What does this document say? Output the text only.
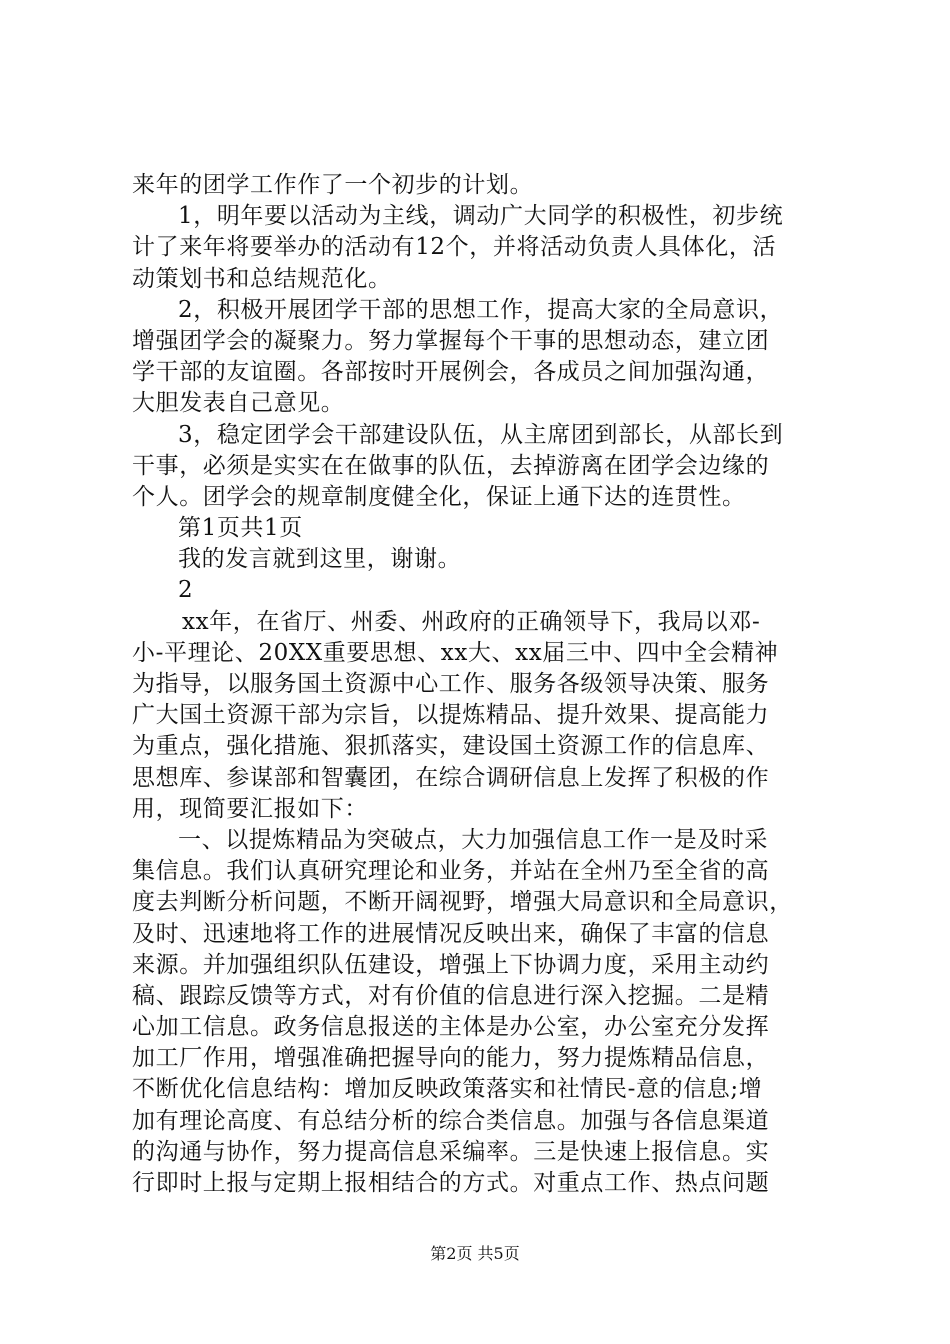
来年的团学工作作了一个初步的计划。
1，明年要以活动为主线，调动广大同学的积极性，初步统
计了来年将要举办的活动有12个，并将活动负责人具体化，活
动策划书和总结规范化。
2，积极开展团学干部的思想工作，提高大家的全局意识，
增强团学会的凝聚力。努力掌握每个干事的思想动态，建立团
学干部的友谊圈。各部按时开展例会，各成员之间加强沟通，
大胆发表自己意见。
3，稳定团学会干部建设队伍，从主席团到部长，从部长到
干事，必须是实实在在做事的队伍，去掉游离在团学会边缘的
个人。团学会的规章制度健全化，保证上通下达的连贯性。
第1页共1页
我的发言就到这里，谢谢。
2
xx年，在省厅、州委、州政府的正确领导下，我局以邓-
小-平理论、20XX重要思想、xx大、xx届三中、四中全会精神
为指导，以服务国土资源中心工作、服务各级领导决策、服务
广大国土资源干部为宗旨，以提炼精品、提升效果、提高能力
为重点，强化措施、狠抓落实，建设国土资源工作的信息库、
思想库、参谋部和智囊团，在综合调研信息上发挥了积极的作
用，现简要汇报如下：
一、以提炼精品为突破点，大力加强信息工作一是及时采
集信息。我们认真研究理论和业务，并站在全州乃至全省的高
度去判断分析问题，不断开阔视野，增强大局意识和全局意识，
及时、迅速地将工作的进展情况反映出来，确保了丰富的信息
来源。并加强组织队伍建设，增强上下协调力度，采用主动约
稿、跟踪反馈等方式，对有价值的信息进行深入挖掘。二是精
心加工信息。政务信息报送的主体是办公室，办公室充分发挥
加工厂作用，增强准确把握导向的能力，努力提炼精品信息，
不断优化信息结构：增加反映政策落实和社情民-意的信息;增
加有理论高度、有总结分析的综合类信息。加强与各信息渠道
的沟通与协作，努力提高信息采编率。三是快速上报信息。实
行即时上报与定期上报相结合的方式。对重点工作、热点问题
第2页 共5页
